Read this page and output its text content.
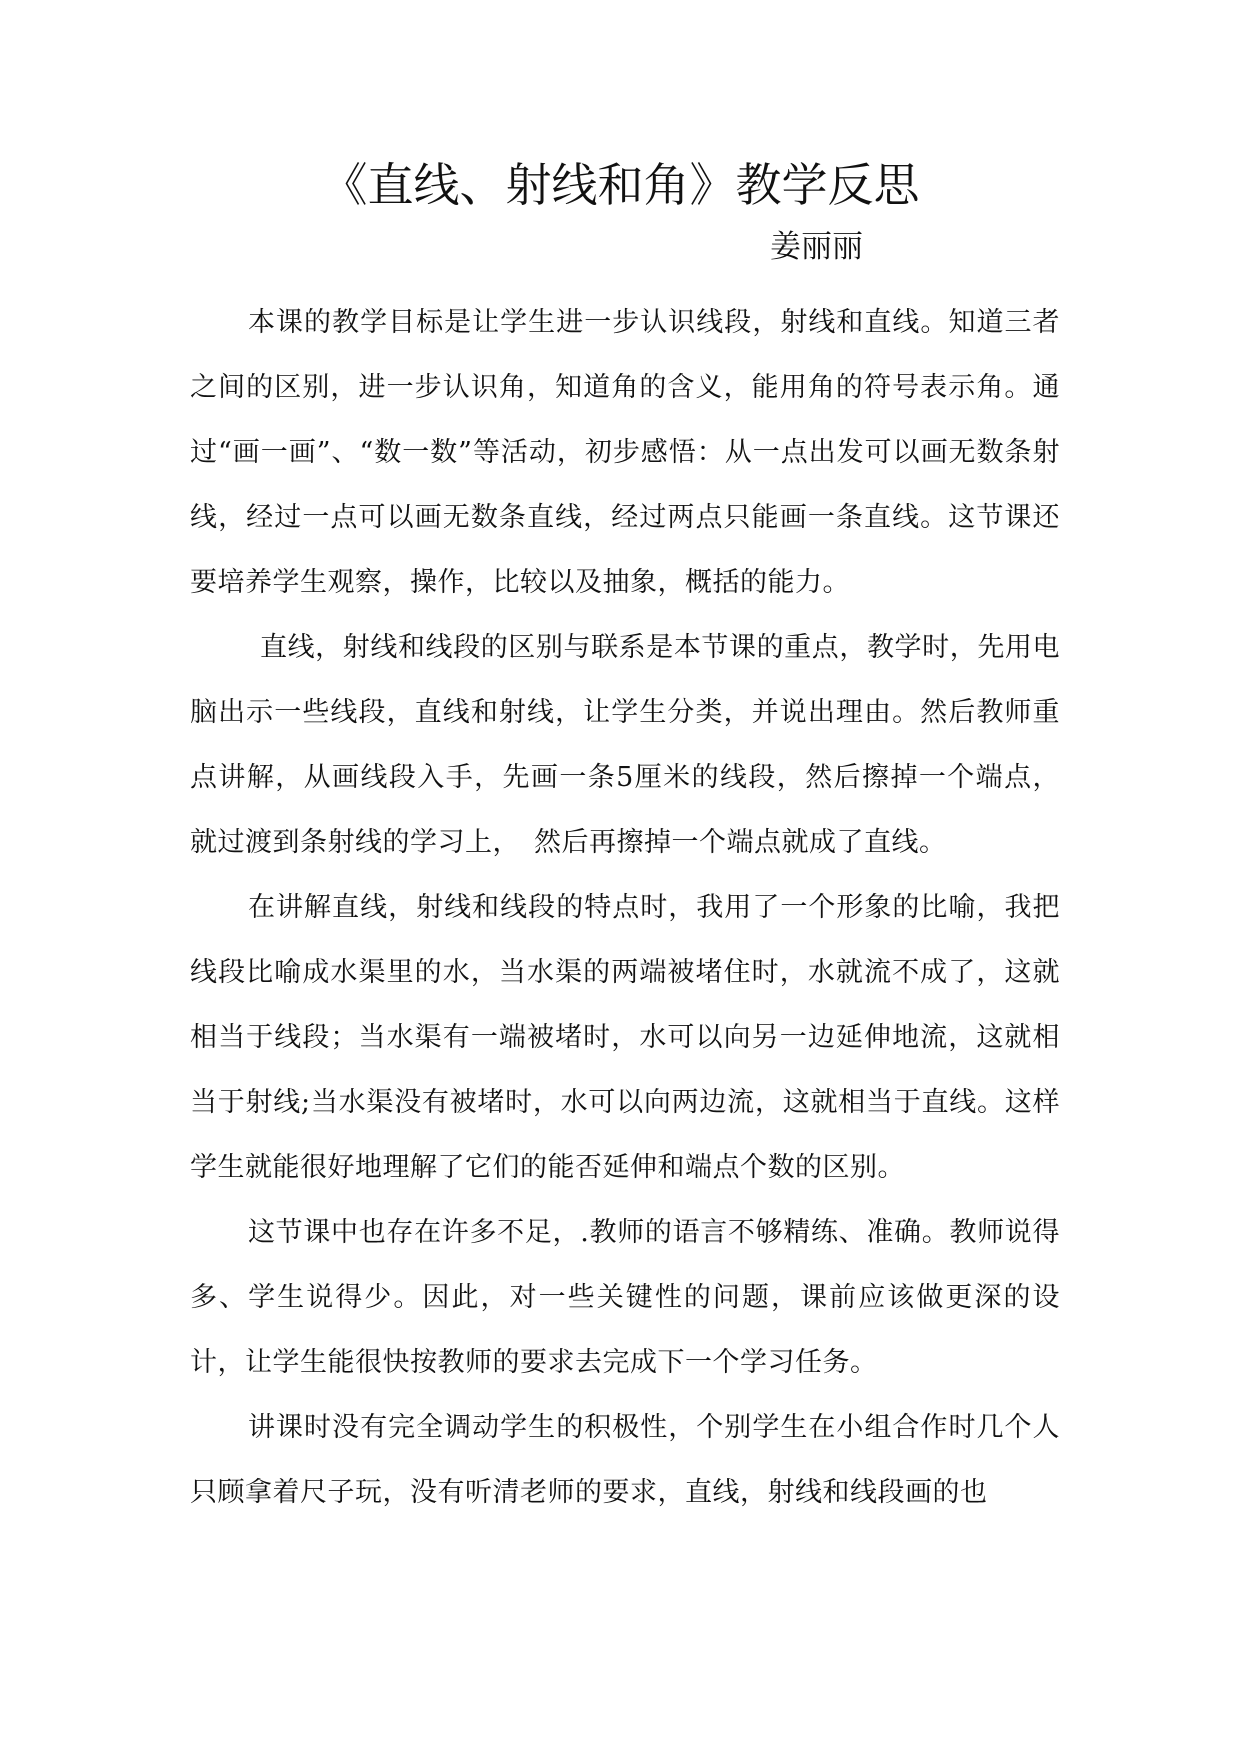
《直线、射线和角》教学反思
姜丽丽

本课的教学目标是让学生进一步认识线段，射线和直线。知道三者之间的区别，进一步认识角，知道角的含义，能用角的符号表示角。通过“画一画”、“数一数”等活动，初步感悟：从一点出发可以画无数条射线，经过一点可以画无数条直线，经过两点只能画一条直线。这节课还要培养学生观察，操作，比较以及抽象，概括的能力。

直线，射线和线段的区别与联系是本节课的重点，教学时，先用电脑出示一些线段，直线和射线，让学生分类，并说出理由。然后教师重点讲解，从画线段入手，先画一条5厘米的线段，然后擦掉一个端点，就过渡到条射线的学习上，　然后再擦掉一个端点就成了直线。

在讲解直线，射线和线段的特点时，我用了一个形象的比喻，我把线段比喻成水渠里的水，当水渠的两端被堵住时，水就流不成了，这就相当于线段；当水渠有一端被堵时，水可以向另一边延伸地流，这就相当于射线;当水渠没有被堵时，水可以向两边流，这就相当于直线。这样学生就能很好地理解了它们的能否延伸和端点个数的区别。

这节课中也存在许多不足，.教师的语言不够精练、准确。教师说得多、学生说得少。因此，对一些关键性的问题，课前应该做更深的设计，让学生能很快按教师的要求去完成下一个学习任务。

讲课时没有完全调动学生的积极性，个别学生在小组合作时几个人只顾拿着尺子玩，没有听清老师的要求，直线，射线和线段画的也
